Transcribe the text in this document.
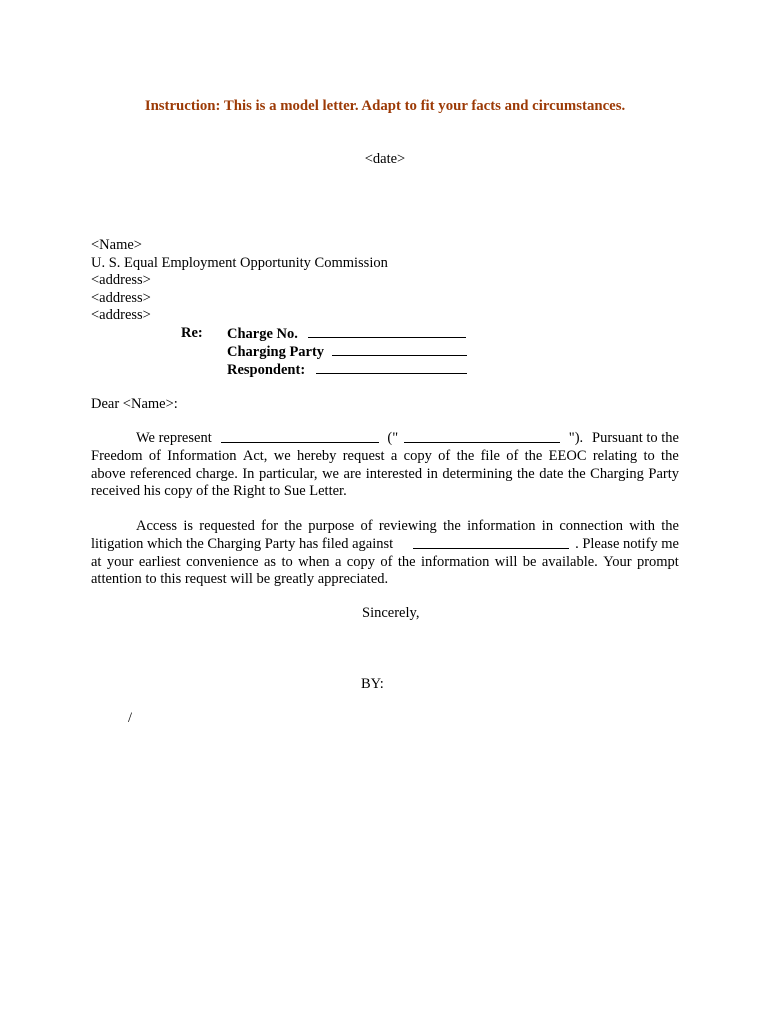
Instruction: This is a model letter. Adapt to fit your facts and circumstances.
<date>
<Name>
U. S. Equal Employment Opportunity Commission
<address>
<address>
<address>
Re: Charge No.
Charging Party
Respondent:
Dear <Name>:
We represent	("	"). Pursuant to the
Freedom of Information Act, we hereby request a copy of the file of the EEOC relating to the
above referenced charge. In particular, we are interested in determining the date the Charging Party
received his copy of the Right to Sue Letter.
Access is requested for the purpose of reviewing the information in connection with the
litigation which the Charging Party has filed against	. Please notify me
at your earliest convenience as to when a copy of the information will be available. Your prompt
attention to this request will be greatly appreciated.
Sincerely,
BY:
/
